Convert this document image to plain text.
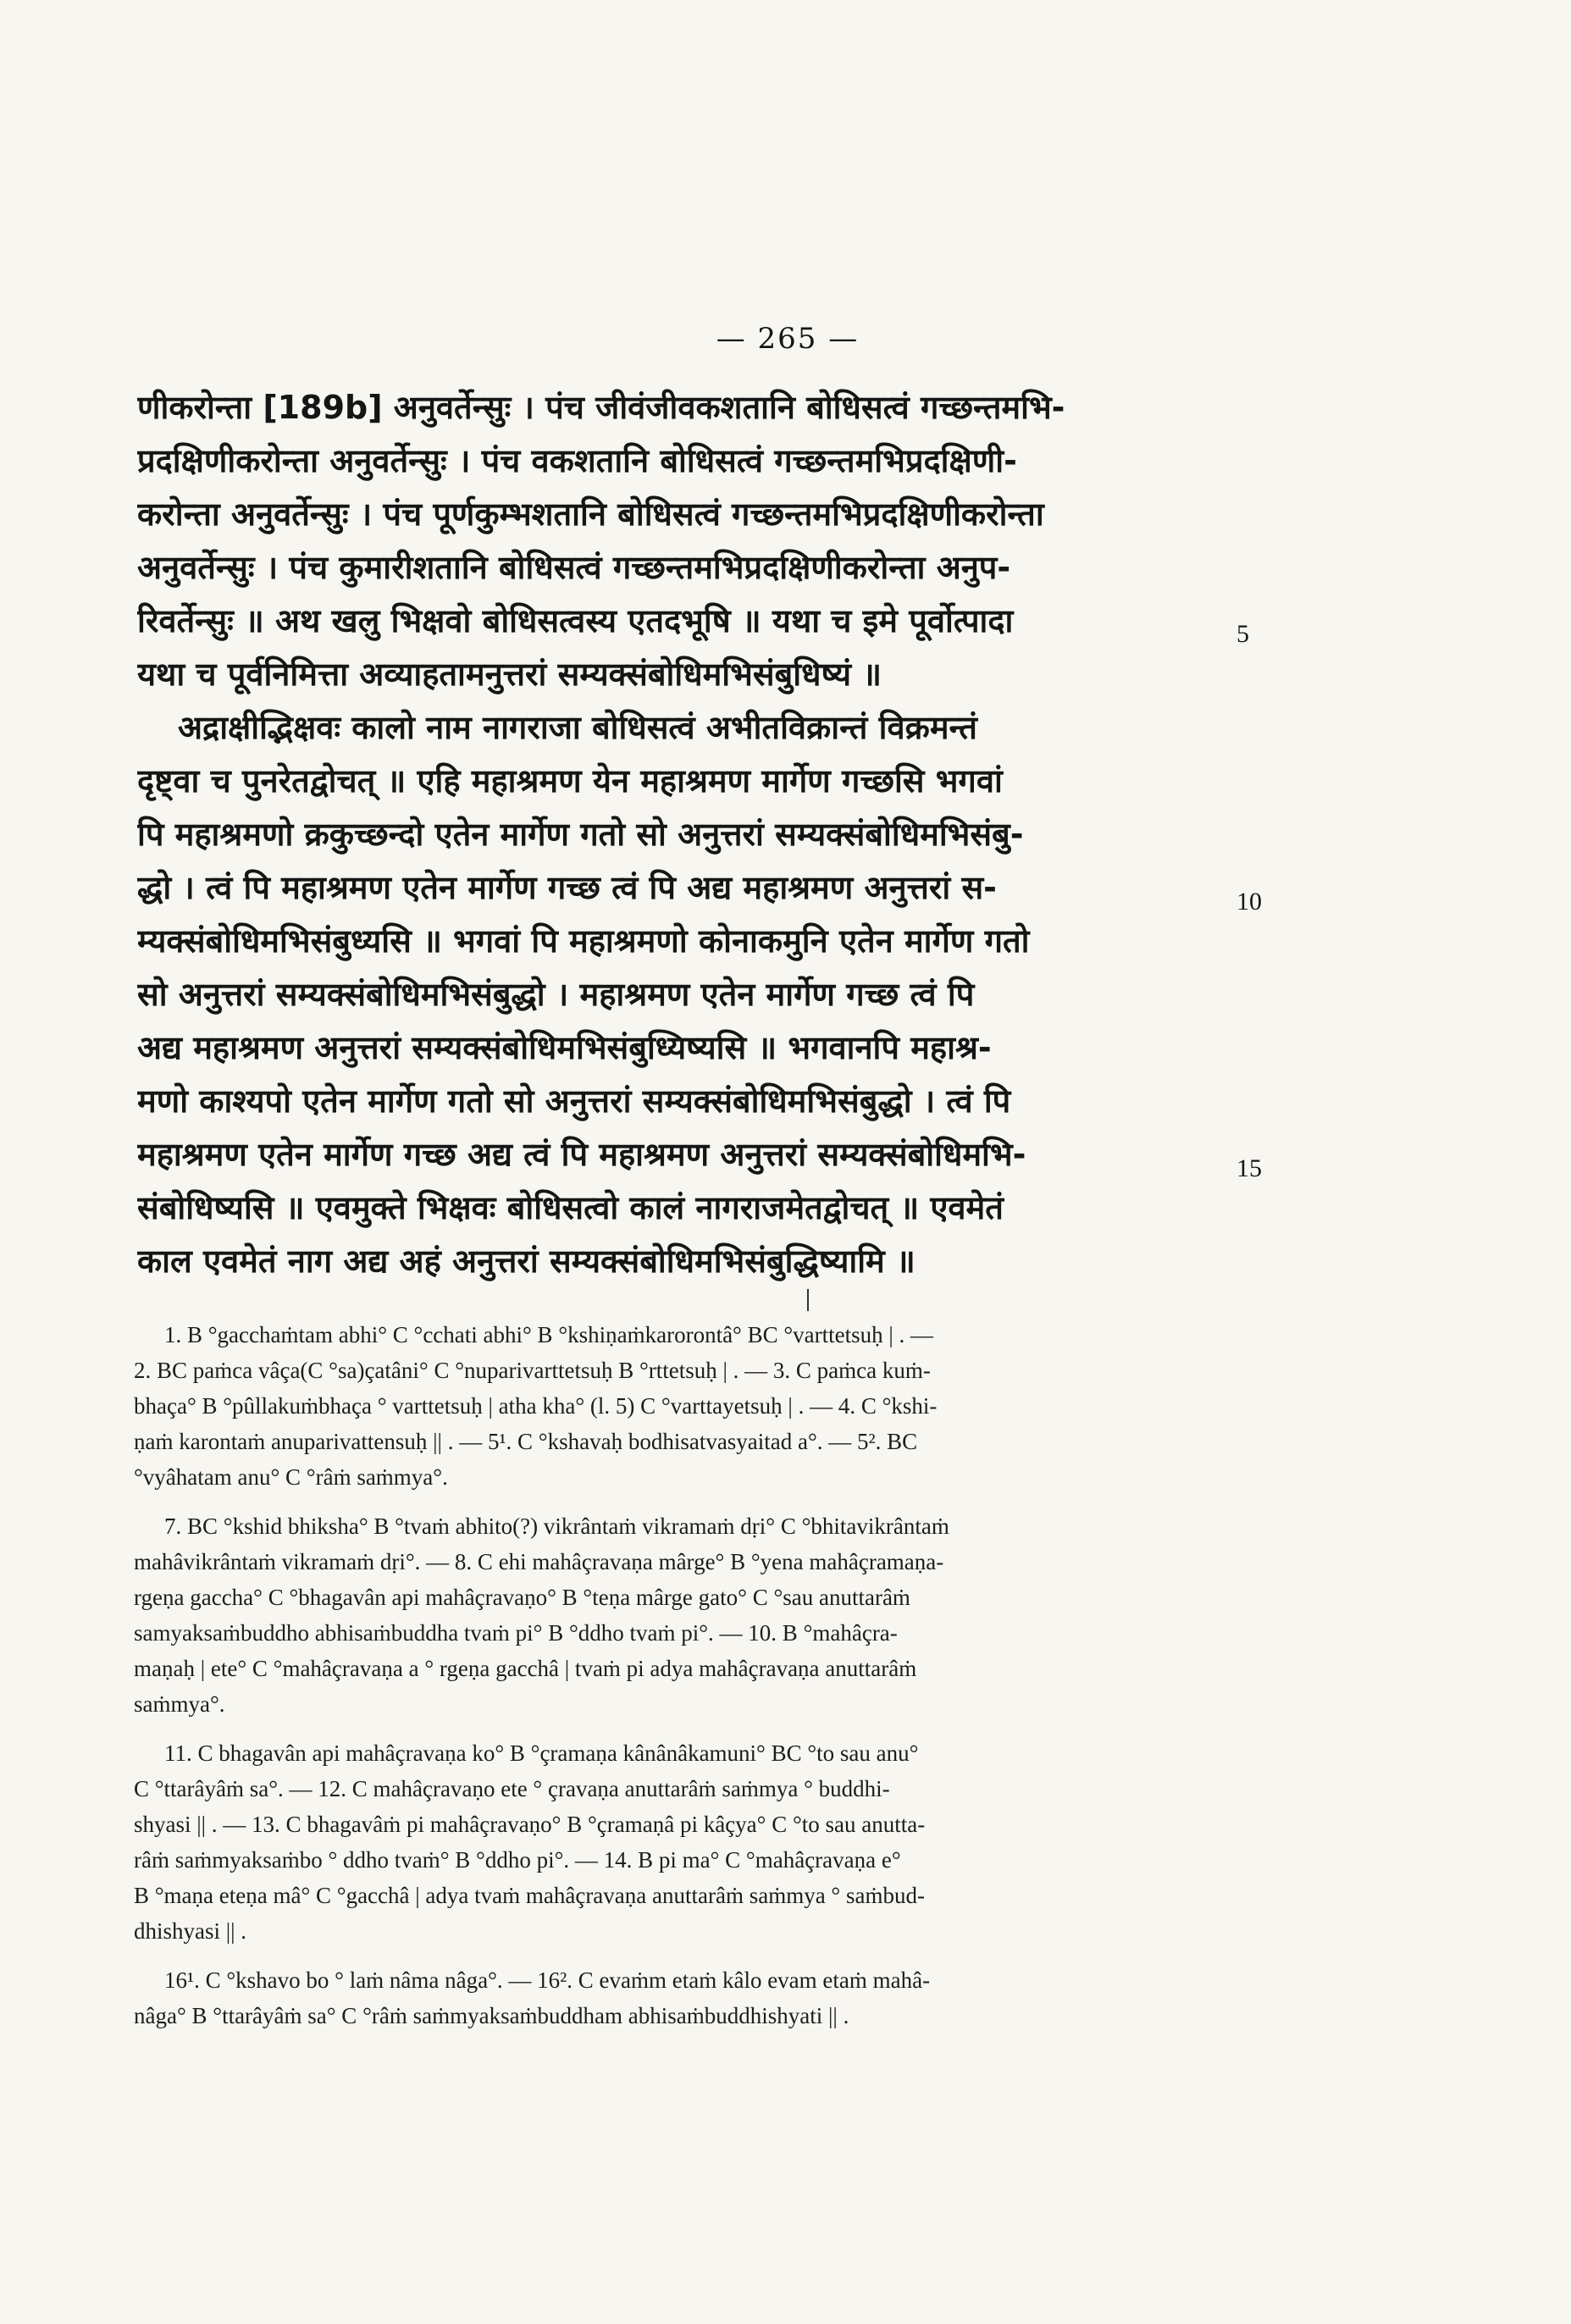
— 265 —
णीकरोन्ता [189b] अनुवर्तेन्सुः । पंच जीवंजीवकशतानि बोधिसत्वं गच्छन्तमभि-
प्रदक्षिणीकरोन्ता अनुवर्तेन्सुः । पंच वकशतानि बोधिसत्वं गच्छन्तमभिप्रदक्षिणी-
करोन्ता अनुवर्तेन्सुः । पंच पूर्णकुम्भशतानि बोधिसत्वं गच्छन्तमभिप्रदक्षिणीकरोन्ता
अनुवर्तेन्सुः । पंच कुमारीशतानि बोधिसत्वं गच्छन्तमभिप्रदक्षिणीकरोन्ता अनुप-
रिवर्तेन्सुः ॥ अथ खलु भिक्षवो बोधिसत्वस्य एतदभूषि ॥ यथा च इमे पूर्वोत्पादा
यथा च पूर्वनिमित्ता अव्याहतामनुत्तरां सम्यक्संबोधिमभिसंबुधिष्यं ॥
अद्राक्षीद्भिक्षवः कालो नाम नागराजा बोधिसत्वं अभीतविक्रान्तं विक्रमन्तं
दृष्ट्वा च पुनरेतद्वोचत् ॥ एहि महाश्रमण येन महाश्रमण मार्गेण गच्छसि भगवां
पि महाश्रमणो क्रकुच्छन्दो एतेन मार्गेण गतो सो अनुत्तरां सम्यक्संबोधिमभिसंबु-
द्धो । त्वं पि महाश्रमण एतेन मार्गेण गच्छ त्वं पि अद्य महाश्रमण अनुत्तरां स-
म्यक्संबोधिमभिसंबुध्यसि ॥ भगवां पि महाश्रमणो कोनाकमुनि एतेन मार्गेण गतो
सो अनुत्तरां सम्यक्संबोधिमभिसंबुद्धो । महाश्रमण एतेन मार्गेण गच्छ त्वं पि
अद्य महाश्रमण अनुत्तरां सम्यक्संबोधिमभिसंबुध्यिष्यसि ॥ भगवानपि महाश्र-
मणो काश्यपो एतेन मार्गेण गतो सो अनुत्तरां सम्यक्संबोधिमभिसंबुद्धो । त्वं पि
महाश्रमण एतेन मार्गेण गच्छ अद्य त्वं पि महाश्रमण अनुत्तरां सम्यक्संबोधिमभि-
संबोधिष्यसि ॥ एवमुक्ते भिक्षवः बोधिसत्वो कालं नागराजमेतद्वोचत् ॥ एवमेतं
काल एवमेतं नाग अद्य अहं अनुत्तरां सम्यक्संबोधिमभिसंबुद्धिष्यामि ॥
5
10
15
1. B °gacchaṁtam abhi° C °cchati abhi° B °kshiṇaṁkarorontâ° BC °varttetsuḥ | . —
2. BC paṁca vâça(C °sa)çatâni° C °nuparivarttetsuḥ B °rttetsuḥ | . — 3. C paṁca kuṁ-
bhaça° B °pûllakuṁbhaça ° varttetsuḥ | atha kha° (l. 5) C °varttayetsuḥ | . — 4. C °kshi-
ṇaṁ karontaṁ anuparivattensuḥ || . — 5¹. C °kshavaḥ bodhisatvasyaitad a°. — 5². BC
°vyâhatam anu° C °râṁ saṁmya°.
7. BC °kshid bhiksha° B °tvaṁ abhito(?) vikrântaṁ vikramaṁ dṛi° C °bhitavikrântaṁ
mahâvikrântaṁ vikramaṁ dṛi°. — 8. C ehi mahâçravaṇa mârge° B °yena mahâçramaṇa-
rgeṇa gaccha° C °bhagavân api mahâçravaṇo° B °teṇa mârge gato° C °sau anuttarâṁ
samyaksaṁbuddho abhisaṁbuddha tvaṁ pi° B °ddho tvaṁ pi°. — 10. B °mahâçra-
maṇaḥ | ete° C °mahâçravaṇa a ° rgeṇa gacchâ | tvaṁ pi adya mahâçravaṇa anuttarâṁ
saṁmya°.
11. C bhagavân api mahâçravaṇa ko° B °çramaṇa kânânâkamuni° BC °to sau anu°
C °ttarâyâṁ sa°. — 12. C mahâçravaṇo ete ° çravaṇa anuttarâṁ saṁmya ° buddhi-
shyasi || . — 13. C bhagavâṁ pi mahâçravaṇo° B °çramaṇâ pi kâçya° C °to sau anutta-
râṁ saṁmyaksaṁbo ° ddho tvaṁ° B °ddho pi°. — 14. B pi ma° C °mahâçravaṇa e°
B °maṇa eteṇa mâ° C °gacchâ | adya tvaṁ mahâçravaṇa anuttarâṁ saṁmya ° saṁbud-
dhishyasi || .
16¹. C °kshavo bo ° laṁ nâma nâga°. — 16². C evaṁm etaṁ kâlo evam etaṁ mahâ-
nâga° B °ttarâyâṁ sa° C °râṁ saṁmyaksaṁbuddham abhisaṁbuddhishyati || .
